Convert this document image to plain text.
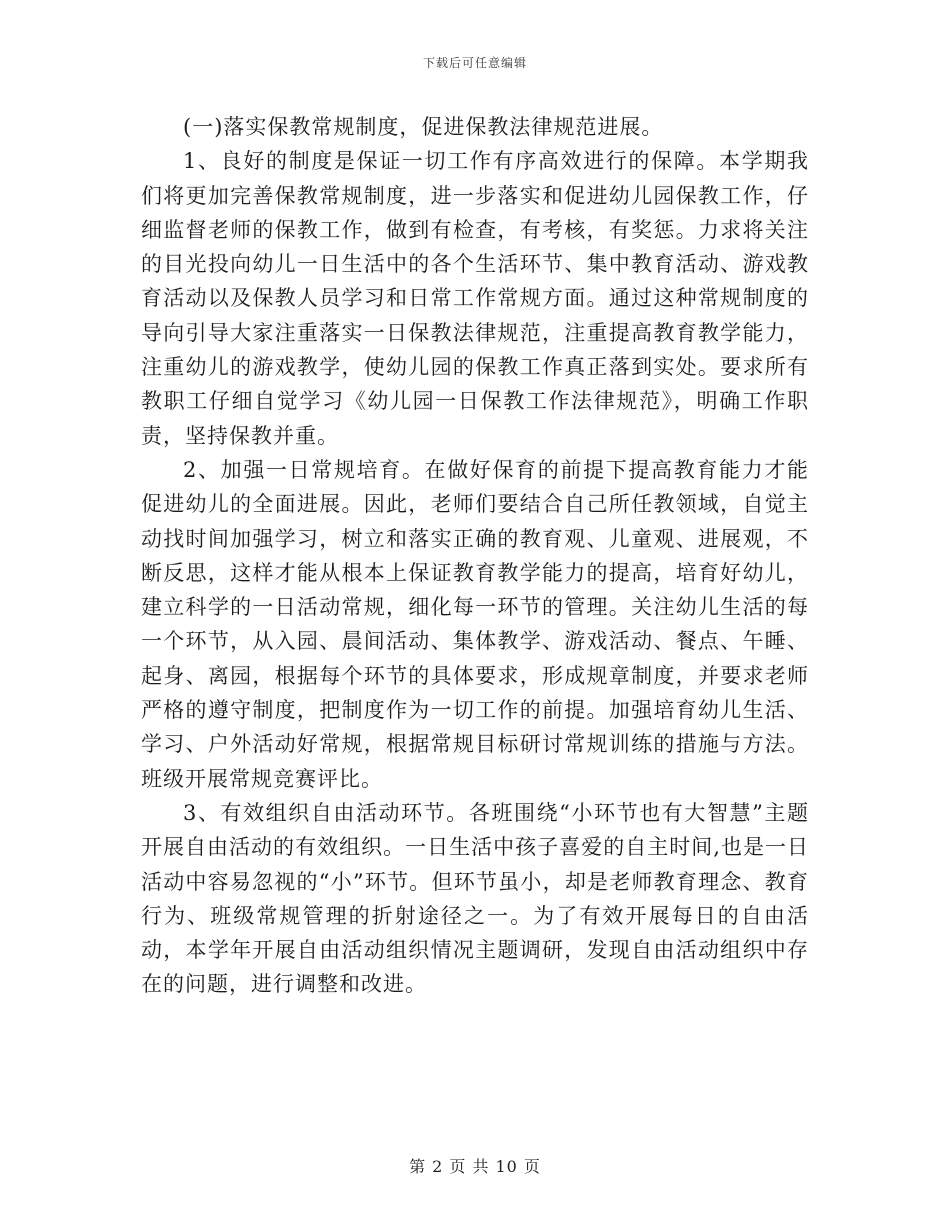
下载后可任意编辑

(一)落实保教常规制度，促进保教法律规范进展。

1、良好的制度是保证一切工作有序高效进行的保障。本学期我们将更加完善保教常规制度，进一步落实和促进幼儿园保教工作，仔细监督老师的保教工作，做到有检查，有考核，有奖惩。力求将关注的目光投向幼儿一日生活中的各个生活环节、集中教育活动、游戏教育活动以及保教人员学习和日常工作常规方面。通过这种常规制度的导向引导大家注重落实一日保教法律规范，注重提高教育教学能力，注重幼儿的游戏教学，使幼儿园的保教工作真正落到实处。要求所有教职工仔细自觉学习《幼儿园一日保教工作法律规范》，明确工作职责，坚持保教并重。

2、加强一日常规培育。在做好保育的前提下提高教育能力才能促进幼儿的全面进展。因此，老师们要结合自己所任教领域，自觉主动找时间加强学习，树立和落实正确的教育观、儿童观、进展观，不断反思，这样才能从根本上保证教育教学能力的提高，培育好幼儿，建立科学的一日活动常规，细化每一环节的管理。关注幼儿生活的每一个环节，从入园、晨间活动、集体教学、游戏活动、餐点、午睡、起身、离园，根据每个环节的具体要求，形成规章制度，并要求老师严格的遵守制度，把制度作为一切工作的前提。加强培育幼儿生活、学习、户外活动好常规，根据常规目标研讨常规训练的措施与方法。班级开展常规竞赛评比。

3、有效组织自由活动环节。各班围绕“小环节也有大智慧”主题开展自由活动的有效组织。一日生活中孩子喜爱的自主时间,也是一日活动中容易忽视的“小”环节。但环节虽小，却是老师教育理念、教育行为、班级常规管理的折射途径之一。为了有效开展每日的自由活动，本学年开展自由活动组织情况主题调研，发现自由活动组织中存在的问题，进行调整和改进。

第 2 页 共 10 页
